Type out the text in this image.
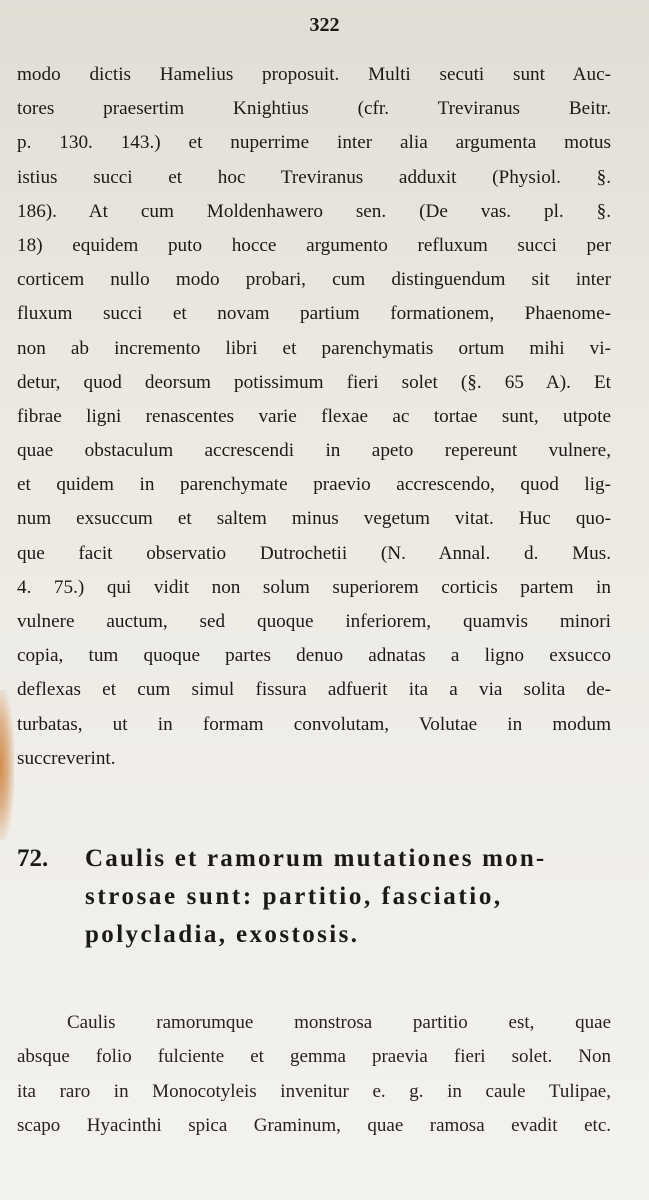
322
modo dictis Hamelius proposuit. Multi secuti sunt Auc-
tores praesertim Knightius (cfr. Treviranus Beitr.
p. 130. 143.) et nuperrime inter alia argumenta motus
istius succi et hoc Treviranus adduxit (Physiol. §.
186). At cum Moldenhawero sen. (De vas. pl. §.
18) equidem puto hocce argumento refluxum succi per
corticem nullo modo probari, cum distinguendum sit inter
fluxum succi et novam partium formationem, Phaenome-
non ab incremento libri et parenchymatis ortum mihi vi-
detur, quod deorsum potissimum fieri solet (§. 65 A). Et
fibrae ligni renascentes varie flexae ac tortae sunt, utpote
quae obstaculum accrescendi in apeto repereunt vulnere,
et quidem in parenchymate praevio accrescendo, quod lig-
num exsuccum et saltem minus vegetum vitat. Huc quo-
que facit observatio Dutrochetii (N. Annal. d. Mus.
4. 75.) qui vidit non solum superiorem corticis partem in
vulnere auctum, sed quoque inferiorem, quamvis minori
copia, tum quoque partes denuo adnatas a ligno exsucco
deflexas et cum simul fissura adfuerit ita a via solita de-
turbatas, ut in formam convolutam, Volutae in modum
succreverint.
72. Caulis et ramorum mutationes mon-
strosae sunt: partitio, fasciatio,
polycladia, exostosis.
Caulis ramorumque monstrosa partitio est, quae
absque folio fulciente et gemma praevia fieri solet. Non
ita raro in Monocotyleis invenitur e. g. in caule Tulipae,
scapo Hyacinthi spica Graminum, quae ramosa evadit etc.
